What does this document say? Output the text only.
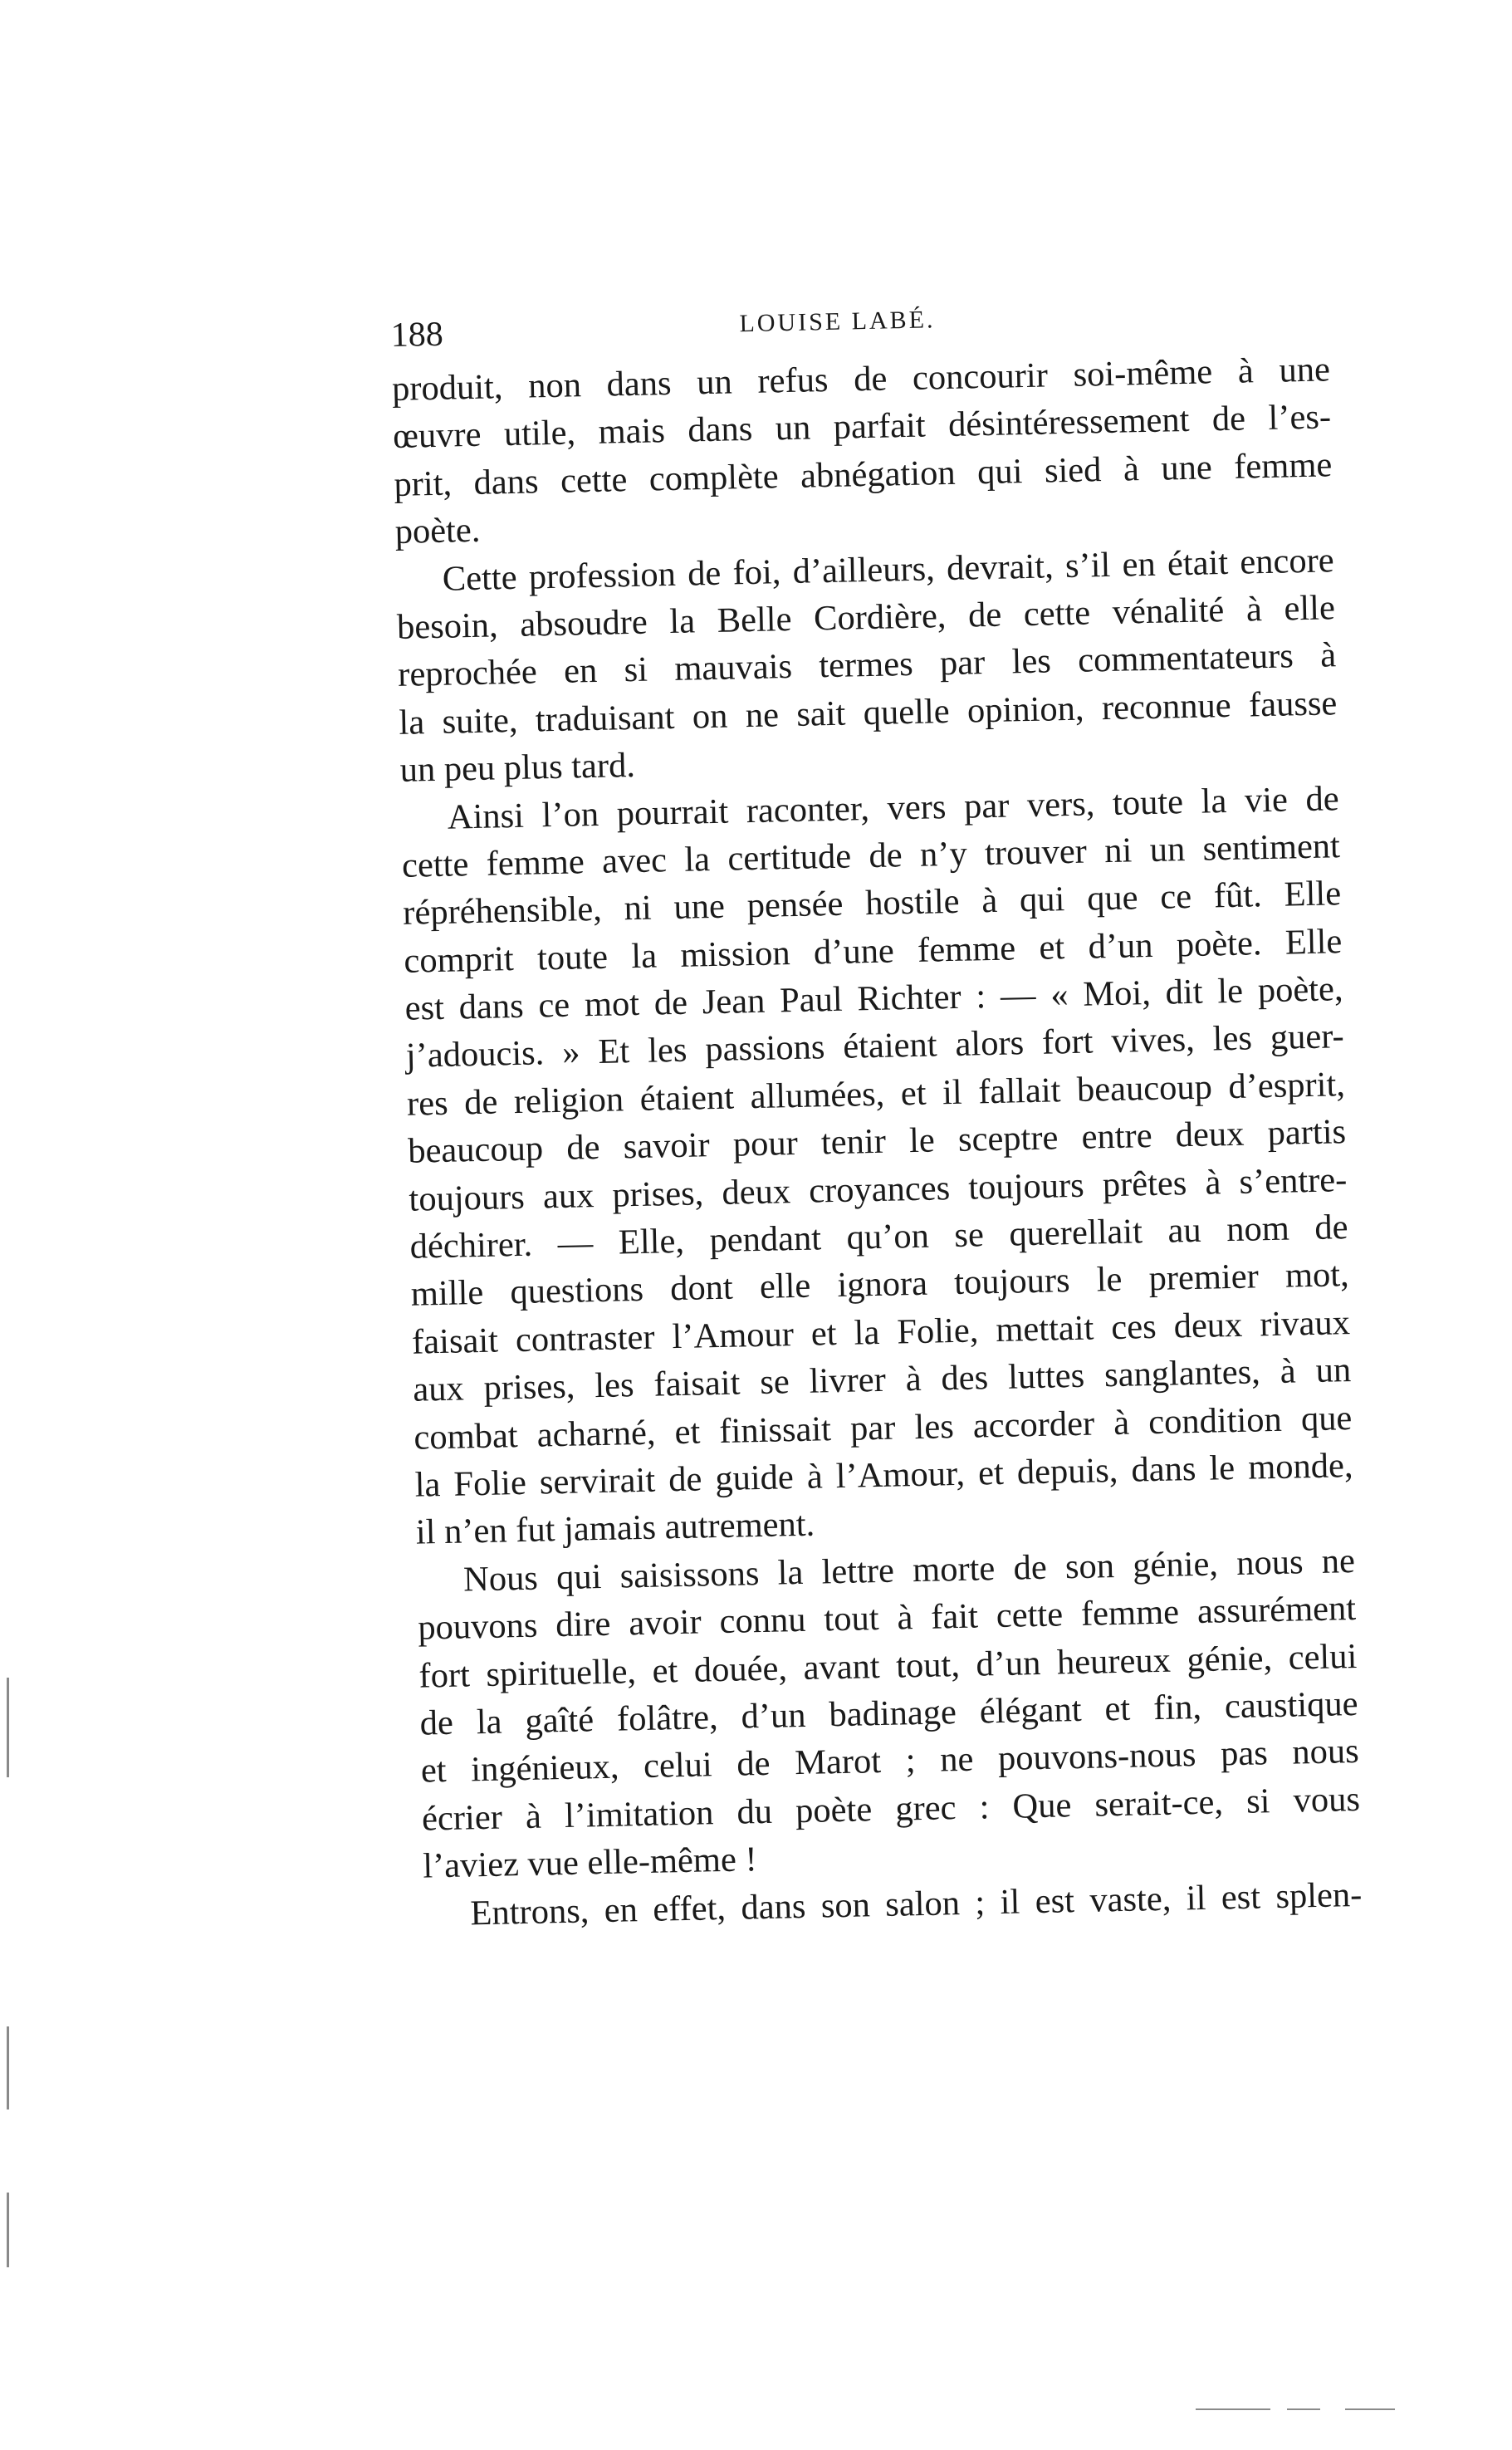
188	LOUISE LABÉ.
produit, non dans un refus de concourir soi-même à une
œuvre utile, mais dans un parfait désintéressement de l’es-
prit, dans cette complète abnégation qui sied à une femme
poète.
Cette profession de foi, d’ailleurs, devrait, s’il en était encore
besoin, absoudre la Belle Cordière, de cette vénalité à elle
reprochée en si mauvais termes par les commentateurs à
la suite, traduisant on ne sait quelle opinion, reconnue fausse
un peu plus tard.
Ainsi l’on pourrait raconter, vers par vers, toute la vie de
cette femme avec la certitude de n’y trouver ni un sentiment
répréhensible, ni une pensée hostile à qui que ce fût. Elle
comprit toute la mission d’une femme et d’un poète. Elle
est dans ce mot de Jean Paul Richter : — « Moi, dit le poète,
j’adoucis. » Et les passions étaient alors fort vives, les guer-
res de religion étaient allumées, et il fallait beaucoup d’esprit,
beaucoup de savoir pour tenir le sceptre entre deux partis
toujours aux prises, deux croyances toujours prêtes à s’entre-
déchirer. — Elle, pendant qu’on se querellait au nom de
mille questions dont elle ignora toujours le premier mot,
faisait contraster l’Amour et la Folie, mettait ces deux rivaux
aux prises, les faisait se livrer à des luttes sanglantes, à un
combat acharné, et finissait par les accorder à condition que
la Folie servirait de guide à l’Amour, et depuis, dans le monde,
il n’en fut jamais autrement.
Nous qui saisissons la lettre morte de son génie, nous ne
pouvons dire avoir connu tout à fait cette femme assurément
fort spirituelle, et douée, avant tout, d’un heureux génie, celui
de la gaîté folâtre, d’un badinage élégant et fin, caustique
et ingénieux, celui de Marot ; ne pouvons-nous pas nous
écrier à l’imitation du poète grec : Que serait-ce, si vous
l’aviez vue elle-même !
Entrons, en effet, dans son salon ; il est vaste, il est splen-
